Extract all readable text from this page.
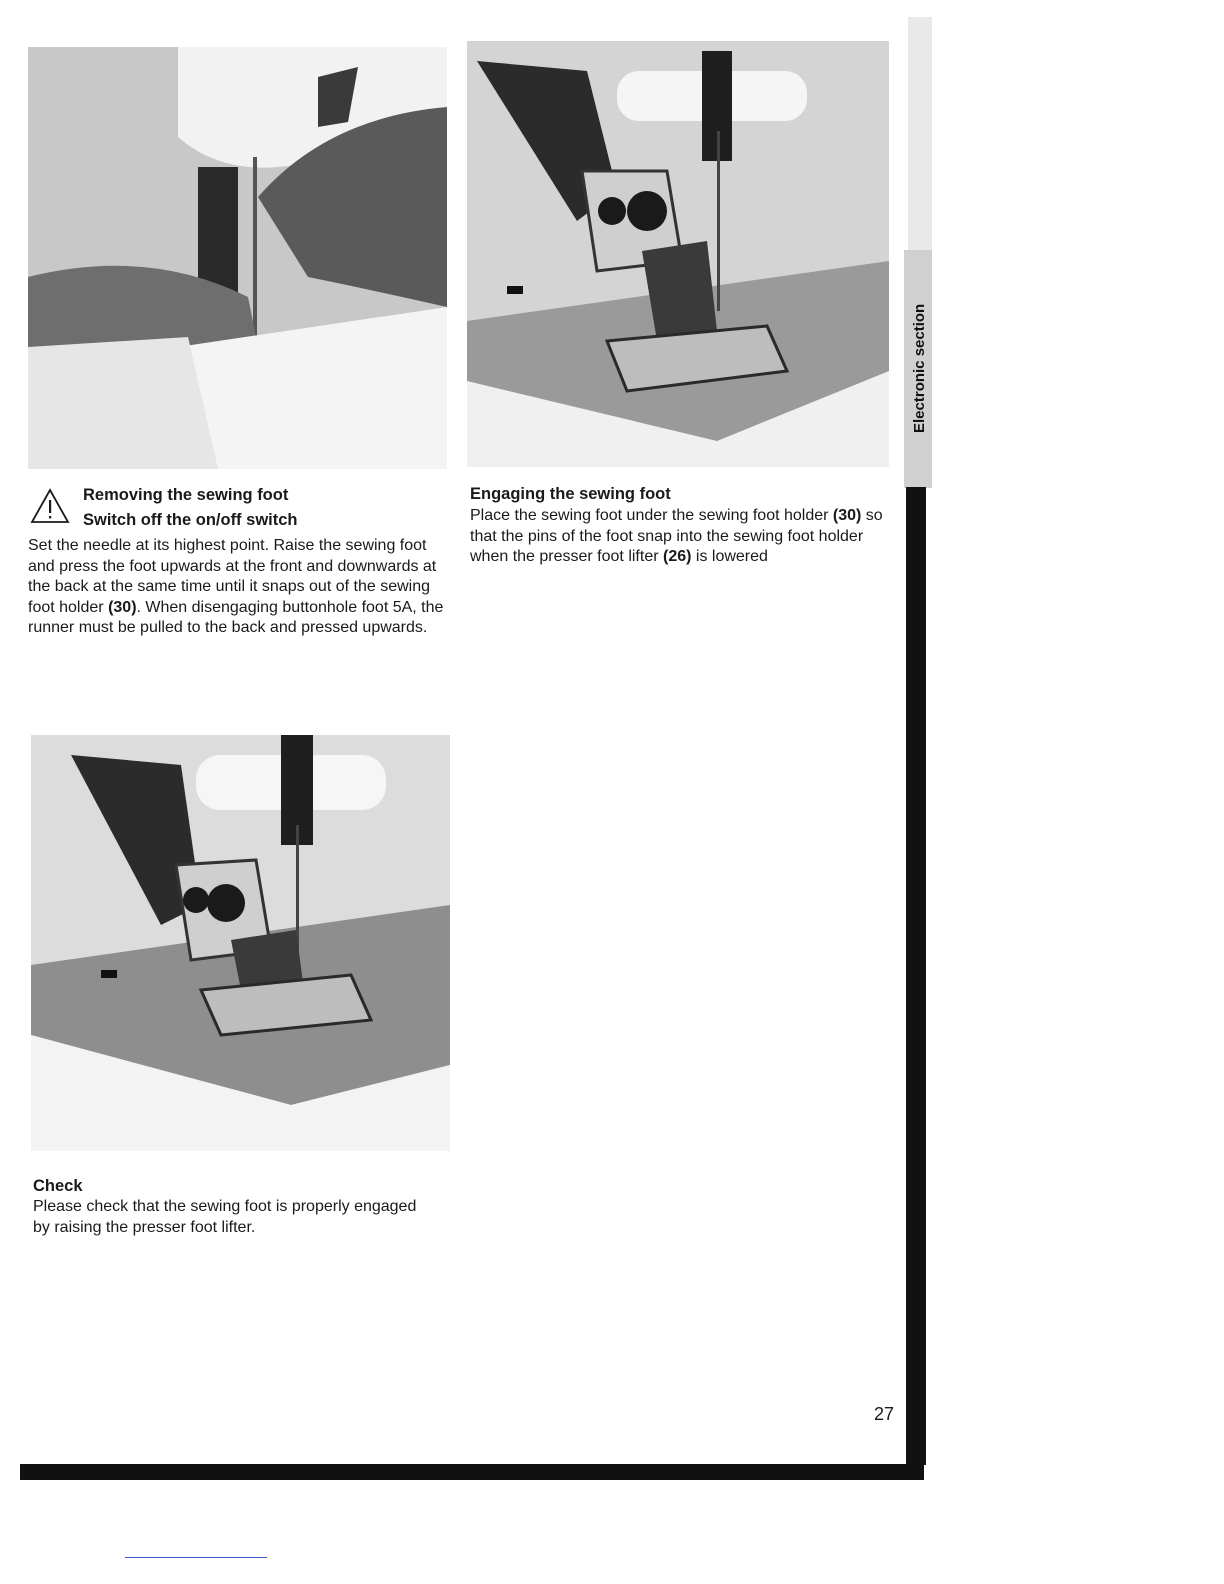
Removing the sewing foot

Switch off the on/off switch

Set the needle at its highest point. Raise the sewing foot and press the foot upwards at the front and downwards at the back at the same time until it snaps out of the sewing foot holder (30). When disengaging buttonhole foot 5A, the runner must be pulled to the back and pressed upwards.

Engaging the sewing foot

Place the sewing foot under the sewing foot holder (30) so that the pins of the foot snap into the sewing foot holder when the presser foot lifter (26) is lowered

Check

Please check that the sewing foot is properly engaged by raising the presser foot lifter.

27
Electronic section
